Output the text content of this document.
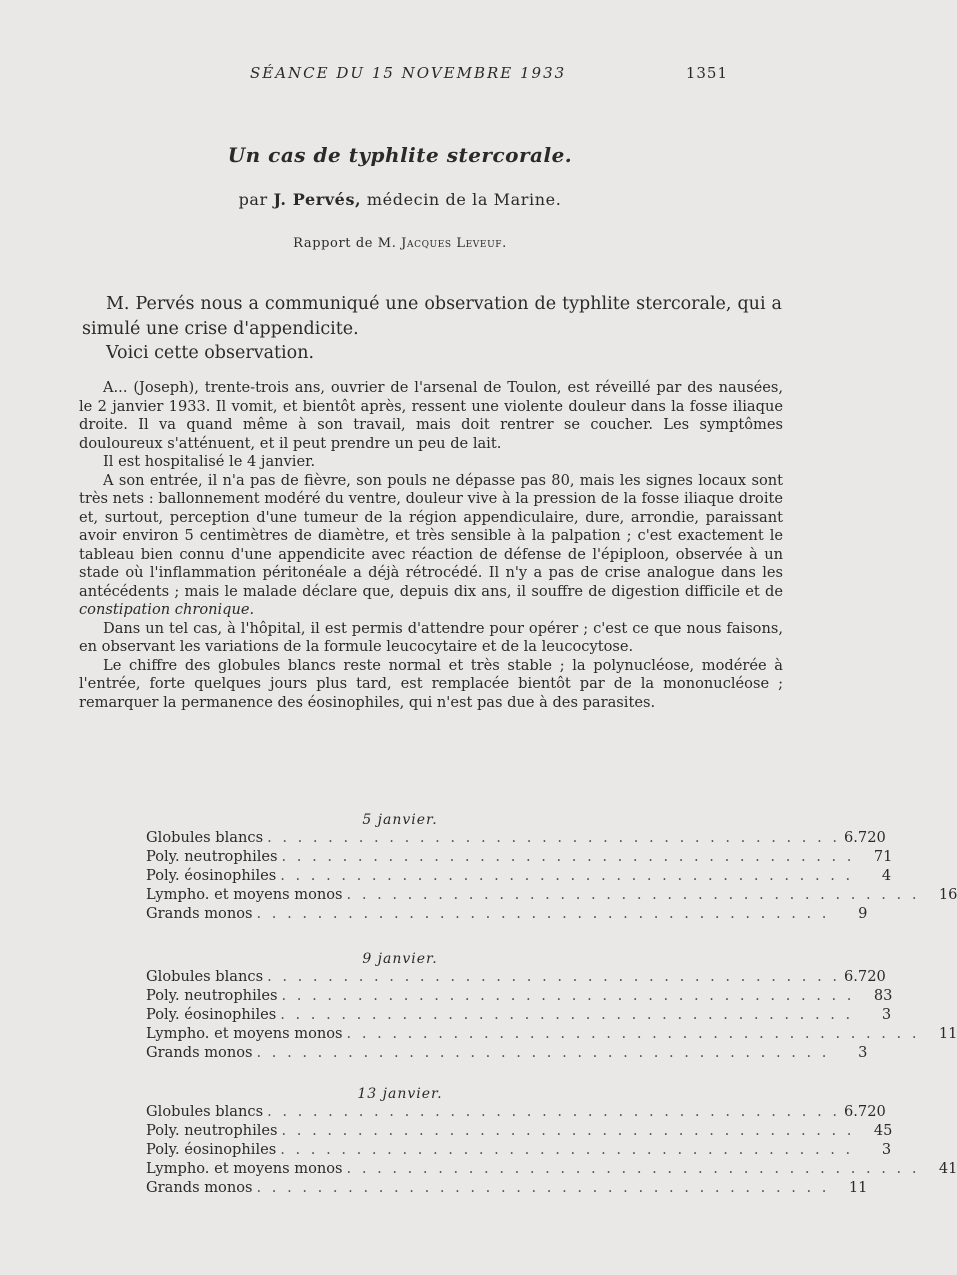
SÉANCE DU 15 NOVEMBRE 1933	1351
Un cas de typhlite stercorale.
par J. Pervés, médecin de la Marine.
Rapport de M. Jacques Leveuf.

M. Pervés nous a communiqué une observation de typhlite stercorale, qui a simulé une crise d'appendicite.

Voici cette observation.

A... (Joseph), trente-trois ans, ouvrier de l'arsenal de Toulon, est réveillé par des nausées, le 2 janvier 1933. Il vomit, et bientôt après, ressent une violente douleur dans la fosse iliaque droite. Il va quand même à son travail, mais doit rentrer se coucher. Les symptômes douloureux s'atténuent, et il peut prendre un peu de lait.

Il est hospitalisé le 4 janvier.

A son entrée, il n'a pas de fièvre, son pouls ne dépasse pas 80, mais les signes locaux sont très nets : ballonnement modéré du ventre, douleur vive à la pression de la fosse iliaque droite et, surtout, perception d'une tumeur de la région appendiculaire, dure, arrondie, paraissant avoir environ 5 centimètres de diamètre, et très sensible à la palpation ; c'est exactement le tableau bien connu d'une appendicite avec réaction de défense de l'épiploon, observée à un stade où l'inflammation péritonéale a déjà rétrocédé. Il n'y a pas de crise analogue dans les antécédents ; mais le malade déclare que, depuis dix ans, il souffre de digestion difficile et de constipation chronique.

Dans un tel cas, à l'hôpital, il est permis d'attendre pour opérer ; c'est ce que nous faisons, en observant les variations de la formule leucocytaire et de la leucocytose.

Le chiffre des globules blancs reste normal et très stable ; la polynucléose, modérée à l'entrée, forte quelques jours plus tard, est remplacée bientôt par de la mononucléose ; remarquer la permanence des éosinophiles, qui n'est pas due à des parasites.

5 janvier.
Globules blancs . . . . . . . . . . . . . . . . . . . . . . . . . . . . . . . . . . . . . . 6.720
Poly. neutrophiles . . . . . . . . . . . . . . . . . . . . . . . . . . . . . . . . . . . . . .	71
Poly. éosinophiles . . . . . . . . . . . . . . . . . . . . . . . . . . . . . . . . . . . . . .	4
Lympho. et moyens monos . . . . . . . . . . . . . . . . . . . . . . . . . . . . . . . . . . . . . .	16
Grands monos . . . . . . . . . . . . . . . . . . . . . . . . . . . . . . . . . . . . . .	9
9 janvier.
Globules blancs . . . . . . . . . . . . . . . . . . . . . . . . . . . . . . . . . . . . . . 6.720
Poly. neutrophiles . . . . . . . . . . . . . . . . . . . . . . . . . . . . . . . . . . . . . .	83
Poly. éosinophiles . . . . . . . . . . . . . . . . . . . . . . . . . . . . . . . . . . . . . .	3
Lympho. et moyens monos . . . . . . . . . . . . . . . . . . . . . . . . . . . . . . . . . . . . . .	11
Grands monos . . . . . . . . . . . . . . . . . . . . . . . . . . . . . . . . . . . . . .	3
13 janvier.
Globules blancs . . . . . . . . . . . . . . . . . . . . . . . . . . . . . . . . . . . . . . 6.720
Poly. neutrophiles . . . . . . . . . . . . . . . . . . . . . . . . . . . . . . . . . . . . . .	45
Poly. éosinophiles . . . . . . . . . . . . . . . . . . . . . . . . . . . . . . . . . . . . . .	3
Lympho. et moyens monos . . . . . . . . . . . . . . . . . . . . . . . . . . . . . . . . . . . . . .	41
Grands monos . . . . . . . . . . . . . . . . . . . . . . . . . . . . . . . . . . . . . .	11
